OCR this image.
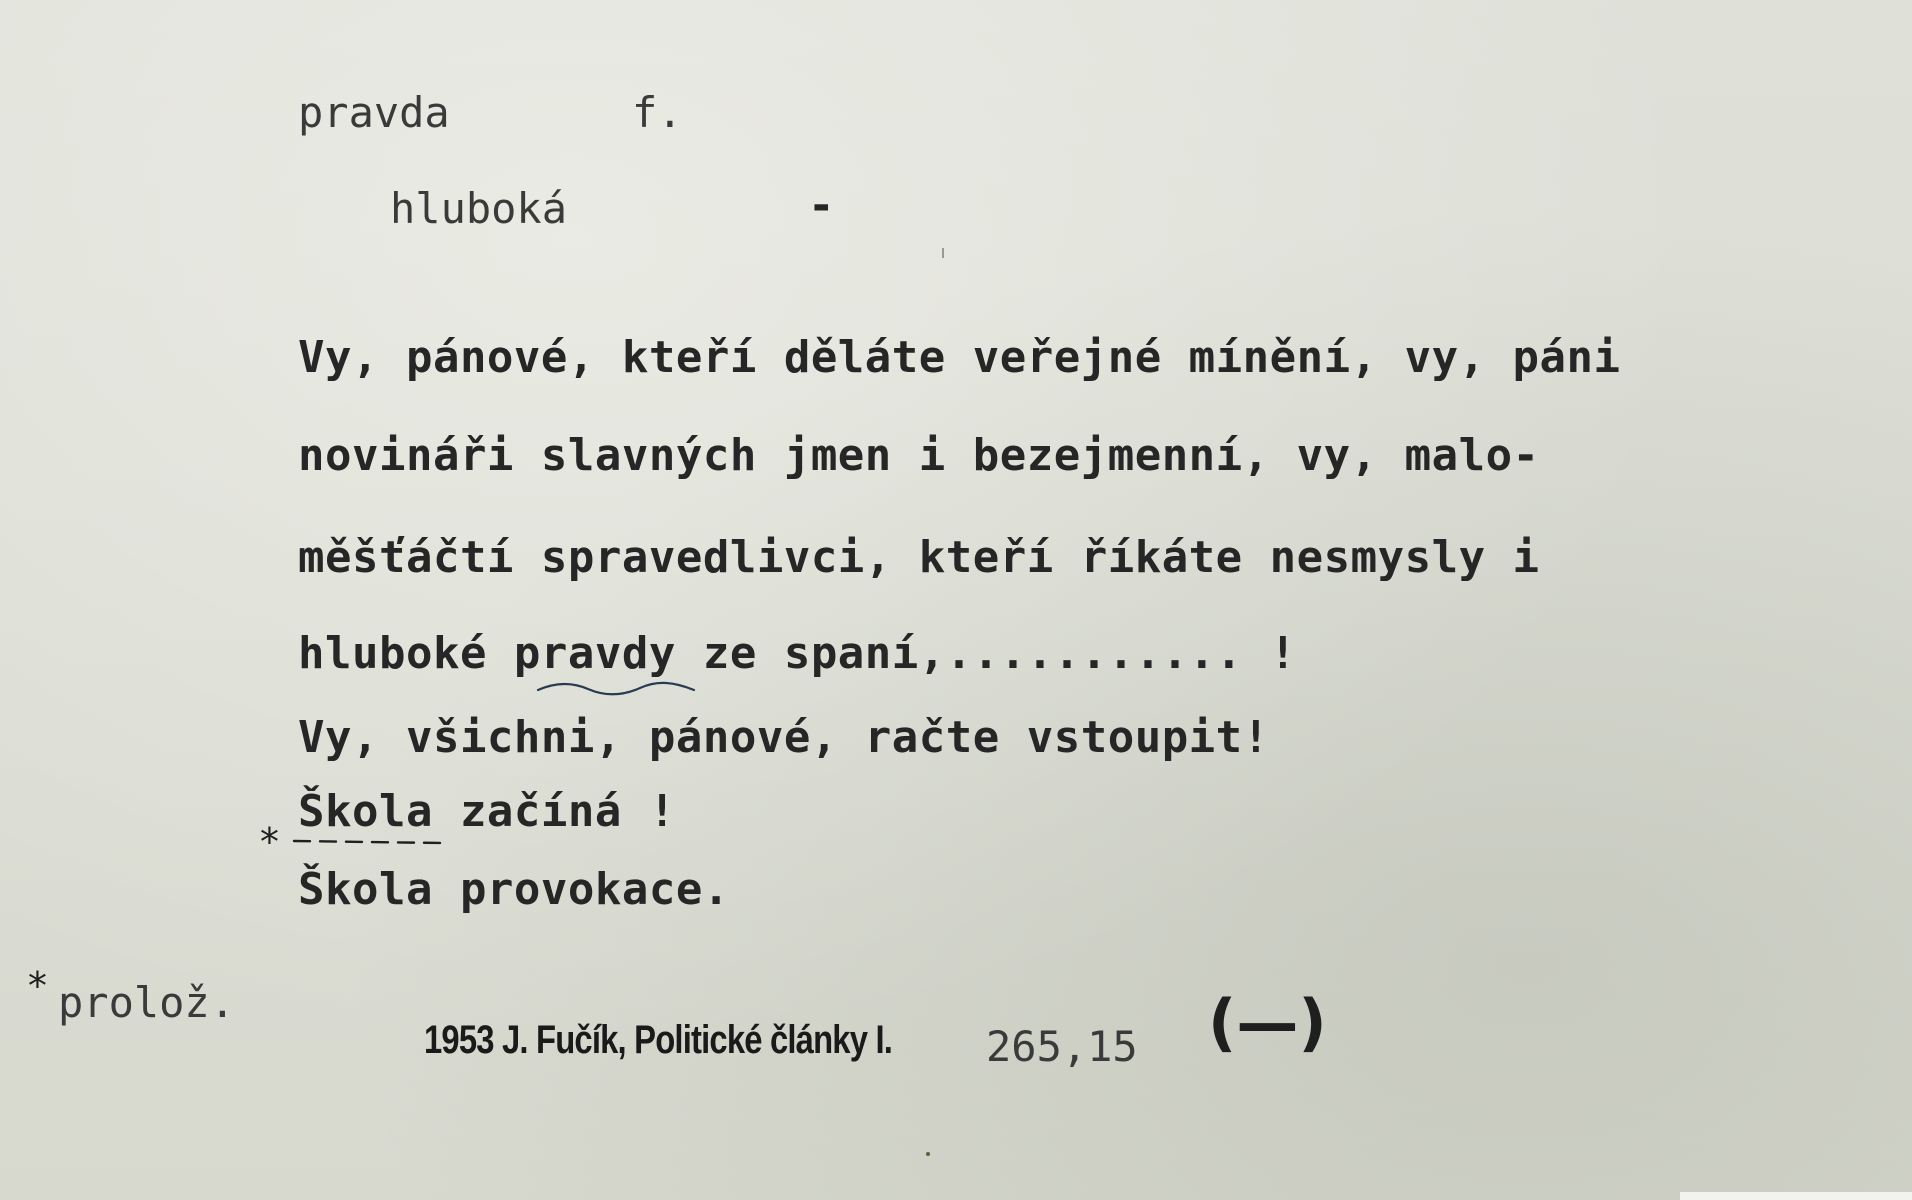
pravda	f.
hluboká	-
Vy, pánové, kteří děláte veřejné mínění, vy, páni
novináři slavných jmen i bezejmenní, vy, malo-
měšťáčtí spravedlivci, kteří říkáte nesmysly i
hluboké pravdy ze spaní,........... !
Vy, všichni, pánové, račte vstoupit!
Škola začíná !
Škola provokace.
*
* prolož.
1953 J. Fučík, Politické články I. 265,15 (—)
